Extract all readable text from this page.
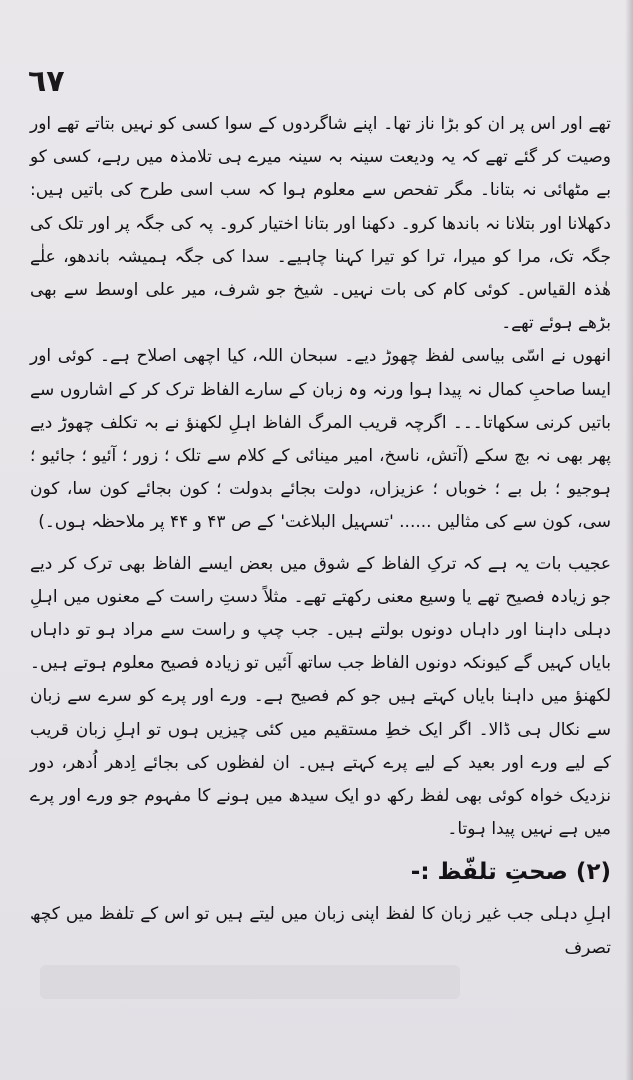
٦٧

تھے اور اس پر ان کو بڑا ناز تھا۔ اپنے شاگردوں کے سوا کسی کو نہیں بتاتے تھے اور وصیت کر گئے تھے کہ یہ ودیعت سینہ بہ سینہ میرے ہی تلامذہ میں رہے، کسی کو بے مٹھائی نہ بتانا۔ مگر تفحص سے معلوم ہوا کہ سب اسی طرح کی باتیں ہیں: دکھلانا اور بتلانا نہ باندھا کرو۔ دکھنا اور بتانا اختیار کرو۔ پہ کی جگہ پر اور تلک کی جگہ تک، مرا کو میرا، ترا کو تیرا کہنا چاہیے۔ سدا کی جگہ ہمیشہ باندھو، علٰے ھٰذہ القیاس۔ کوئی کام کی بات نہیں۔ شیخ جو شرف، میر علی اوسط سے بھی بڑھے ہوئے تھے۔

انھوں نے اسّی بیاسی لفظ چھوڑ دیے۔ سبحان اللہ، کیا اچھی اصلاح ہے۔ کوئی اور ایسا صاحبِ کمال نہ پیدا ہوا ورنہ وہ زبان کے سارے الفاظ ترک کر کے اشاروں سے باتیں کرنی سکھاتا۔۔۔ اگرچہ قریب المرگ الفاظ اہلِ لکھنؤ نے بہ تکلف چھوڑ دیے پھر بھی نہ بچ سکے (آتش، ناسخ، امیر مینائی کے کلام سے تلک ؛ زور ؛ آئیو ؛ جائیو ؛ ہوجیو ؛ بل بے ؛ خوباں ؛ عزیزاں، دولت بجائے بدولت ؛ کون بجائے کون سا، کون سی، کون سے کی مثالیں ...... 'تسہیل البلاغت' کے ص ۴۳ و ۴۴ پر ملاحظہ ہوں۔)

عجیب بات یہ ہے کہ ترکِ الفاظ کے شوق میں بعض ایسے الفاظ بھی ترک کر دیے جو زیادہ فصیح تھے یا وسیع معنی رکھتے تھے۔ مثلاً دستِ راست کے معنوں میں اہلِ دہلی داہنا اور داہاں دونوں بولتے ہیں۔ جب چپ و راست سے مراد ہو تو داہاں بایاں کہیں گے کیونکہ دونوں الفاظ جب ساتھ آئیں تو زیادہ فصیح معلوم ہوتے ہیں۔ لکھنؤ میں داہنا بایاں کہتے ہیں جو کم فصیح ہے۔ ورے اور پرے کو سرے سے زبان سے نکال ہی ڈالا۔ اگر ایک خطِ مستقیم میں کئی چیزیں ہوں تو اہلِ زبان قریب کے لیے ورے اور بعید کے لیے پرے کہتے ہیں۔ ان لفظوں کی بجائے اِدھر اُدھر، دور نزدیک خواہ کوئی بھی لفظ رکھ دو ایک سیدھ میں ہونے کا مفہوم جو ورے اور پرے میں ہے نہیں پیدا ہوتا۔

(۲) صحتِ تلفّظ :-

اہلِ دہلی جب غیر زبان کا لفظ اپنی زبان میں لیتے ہیں تو اس کے تلفظ میں کچھ تصرف
